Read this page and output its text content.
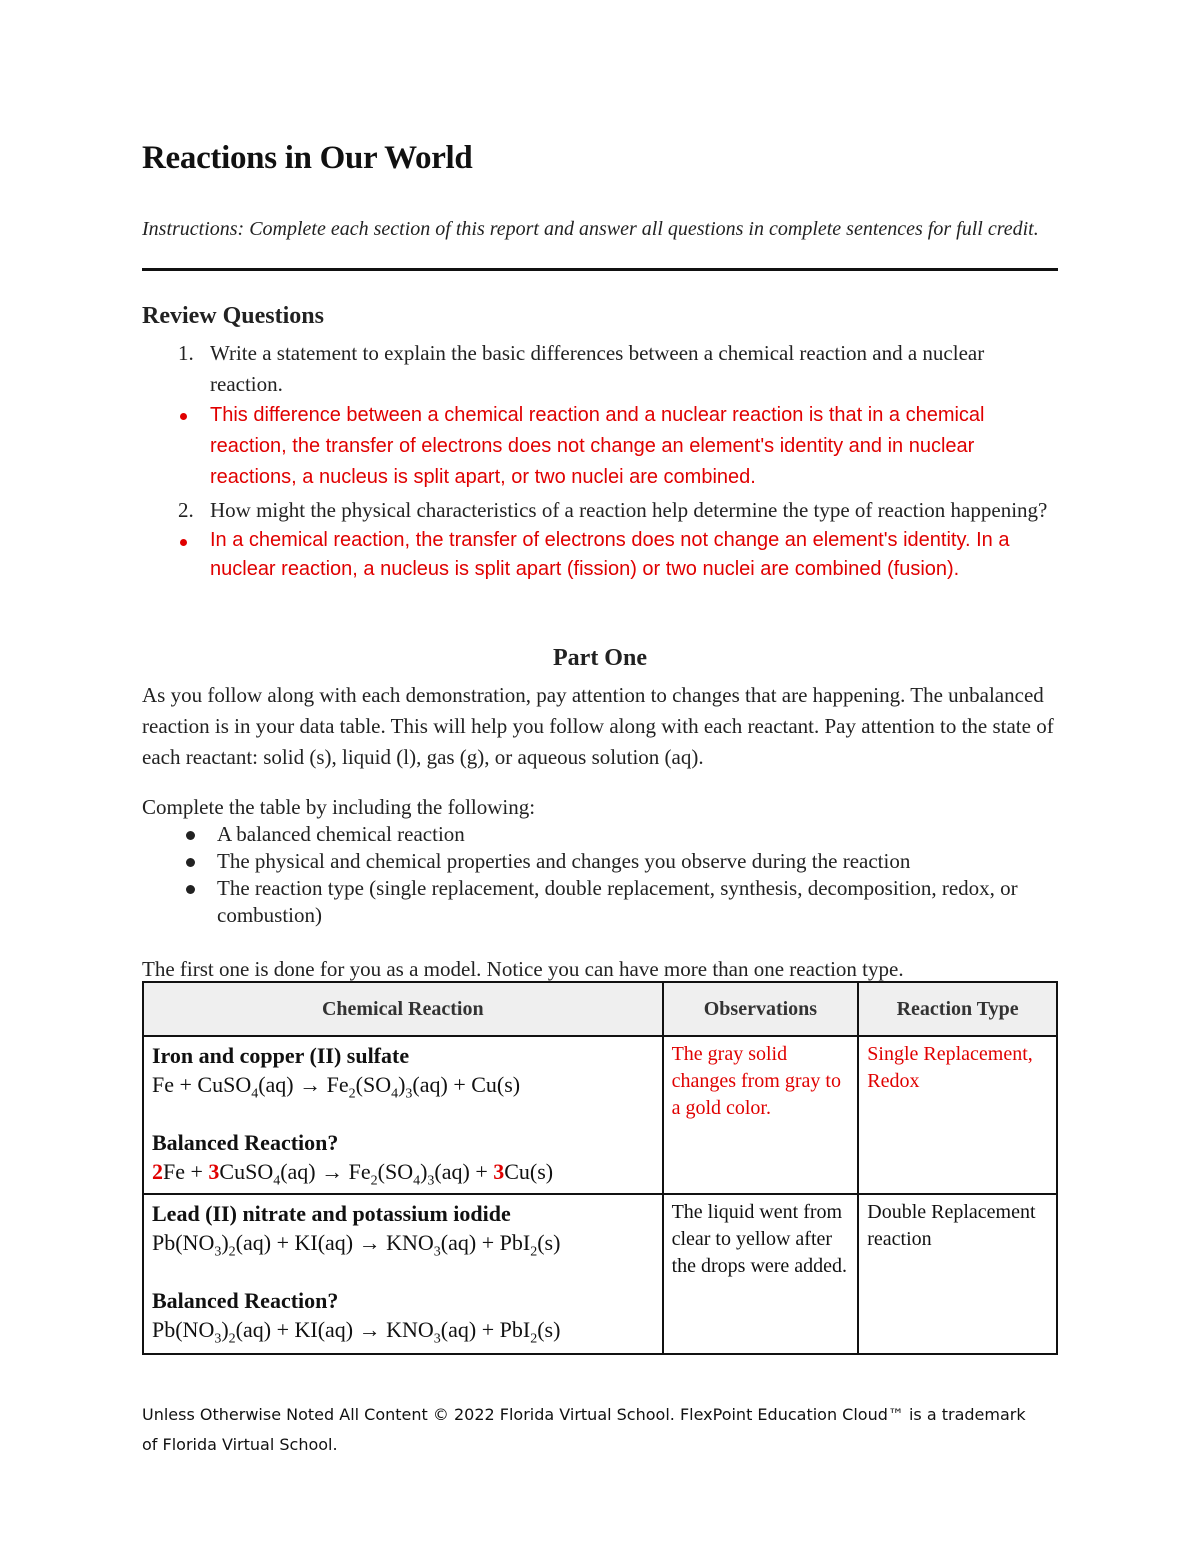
Reactions in Our World
Instructions: Complete each section of this report and answer all questions in complete sentences for full credit.
Review Questions
1. Write a statement to explain the basic differences between a chemical reaction and a nuclear reaction.
This difference between a chemical reaction and a nuclear reaction is that in a chemical reaction, the transfer of electrons does not change an element's identity and in nuclear reactions, a nucleus is split apart, or two nuclei are combined.
2. How might the physical characteristics of a reaction help determine the type of reaction happening?
In a chemical reaction, the transfer of electrons does not change an element's identity. In a nuclear reaction, a nucleus is split apart (fission) or two nuclei are combined (fusion).
Part One
As you follow along with each demonstration, pay attention to changes that are happening. The unbalanced reaction is in your data table. This will help you follow along with each reactant. Pay attention to the state of each reactant: solid (s), liquid (l), gas (g), or aqueous solution (aq).
Complete the table by including the following:
A balanced chemical reaction
The physical and chemical properties and changes you observe during the reaction
The reaction type (single replacement, double replacement, synthesis, decomposition, redox, or combustion)
The first one is done for you as a model. Notice you can have more than one reaction type.
Chemical Reaction	Observations	Reaction Type

Iron and copper (II) sulfate
Fe + CuSO$_4$(aq) → $Fe_2(SO_4)_3(aq) + Cu(s)$
Balanced Reaction?
2Fe + 3CuSO$_4$(aq) → $Fe_2(SO_4)_3(aq) + 3Cu(s)$	The gray solid changes from gray to a gold color.	Single Replacement, Redox

Lead (II) nitrate and potassium iodide
$Pb(NO_3)_2(aq) + KI(aq) \to KNO_3(aq) + PbI_2(s)$
Balanced Reaction?
$Pb(NO_3)_2(aq) + KI(aq) \to KNO_3(aq) + PbI_2(s)$	The liquid went from clear to yellow after the drops were added.	Double Replacement reaction
Unless Otherwise Noted All Content © 2022 Florida Virtual School. FlexPoint Education Cloud™ is a trademark of Florida Virtual School.
